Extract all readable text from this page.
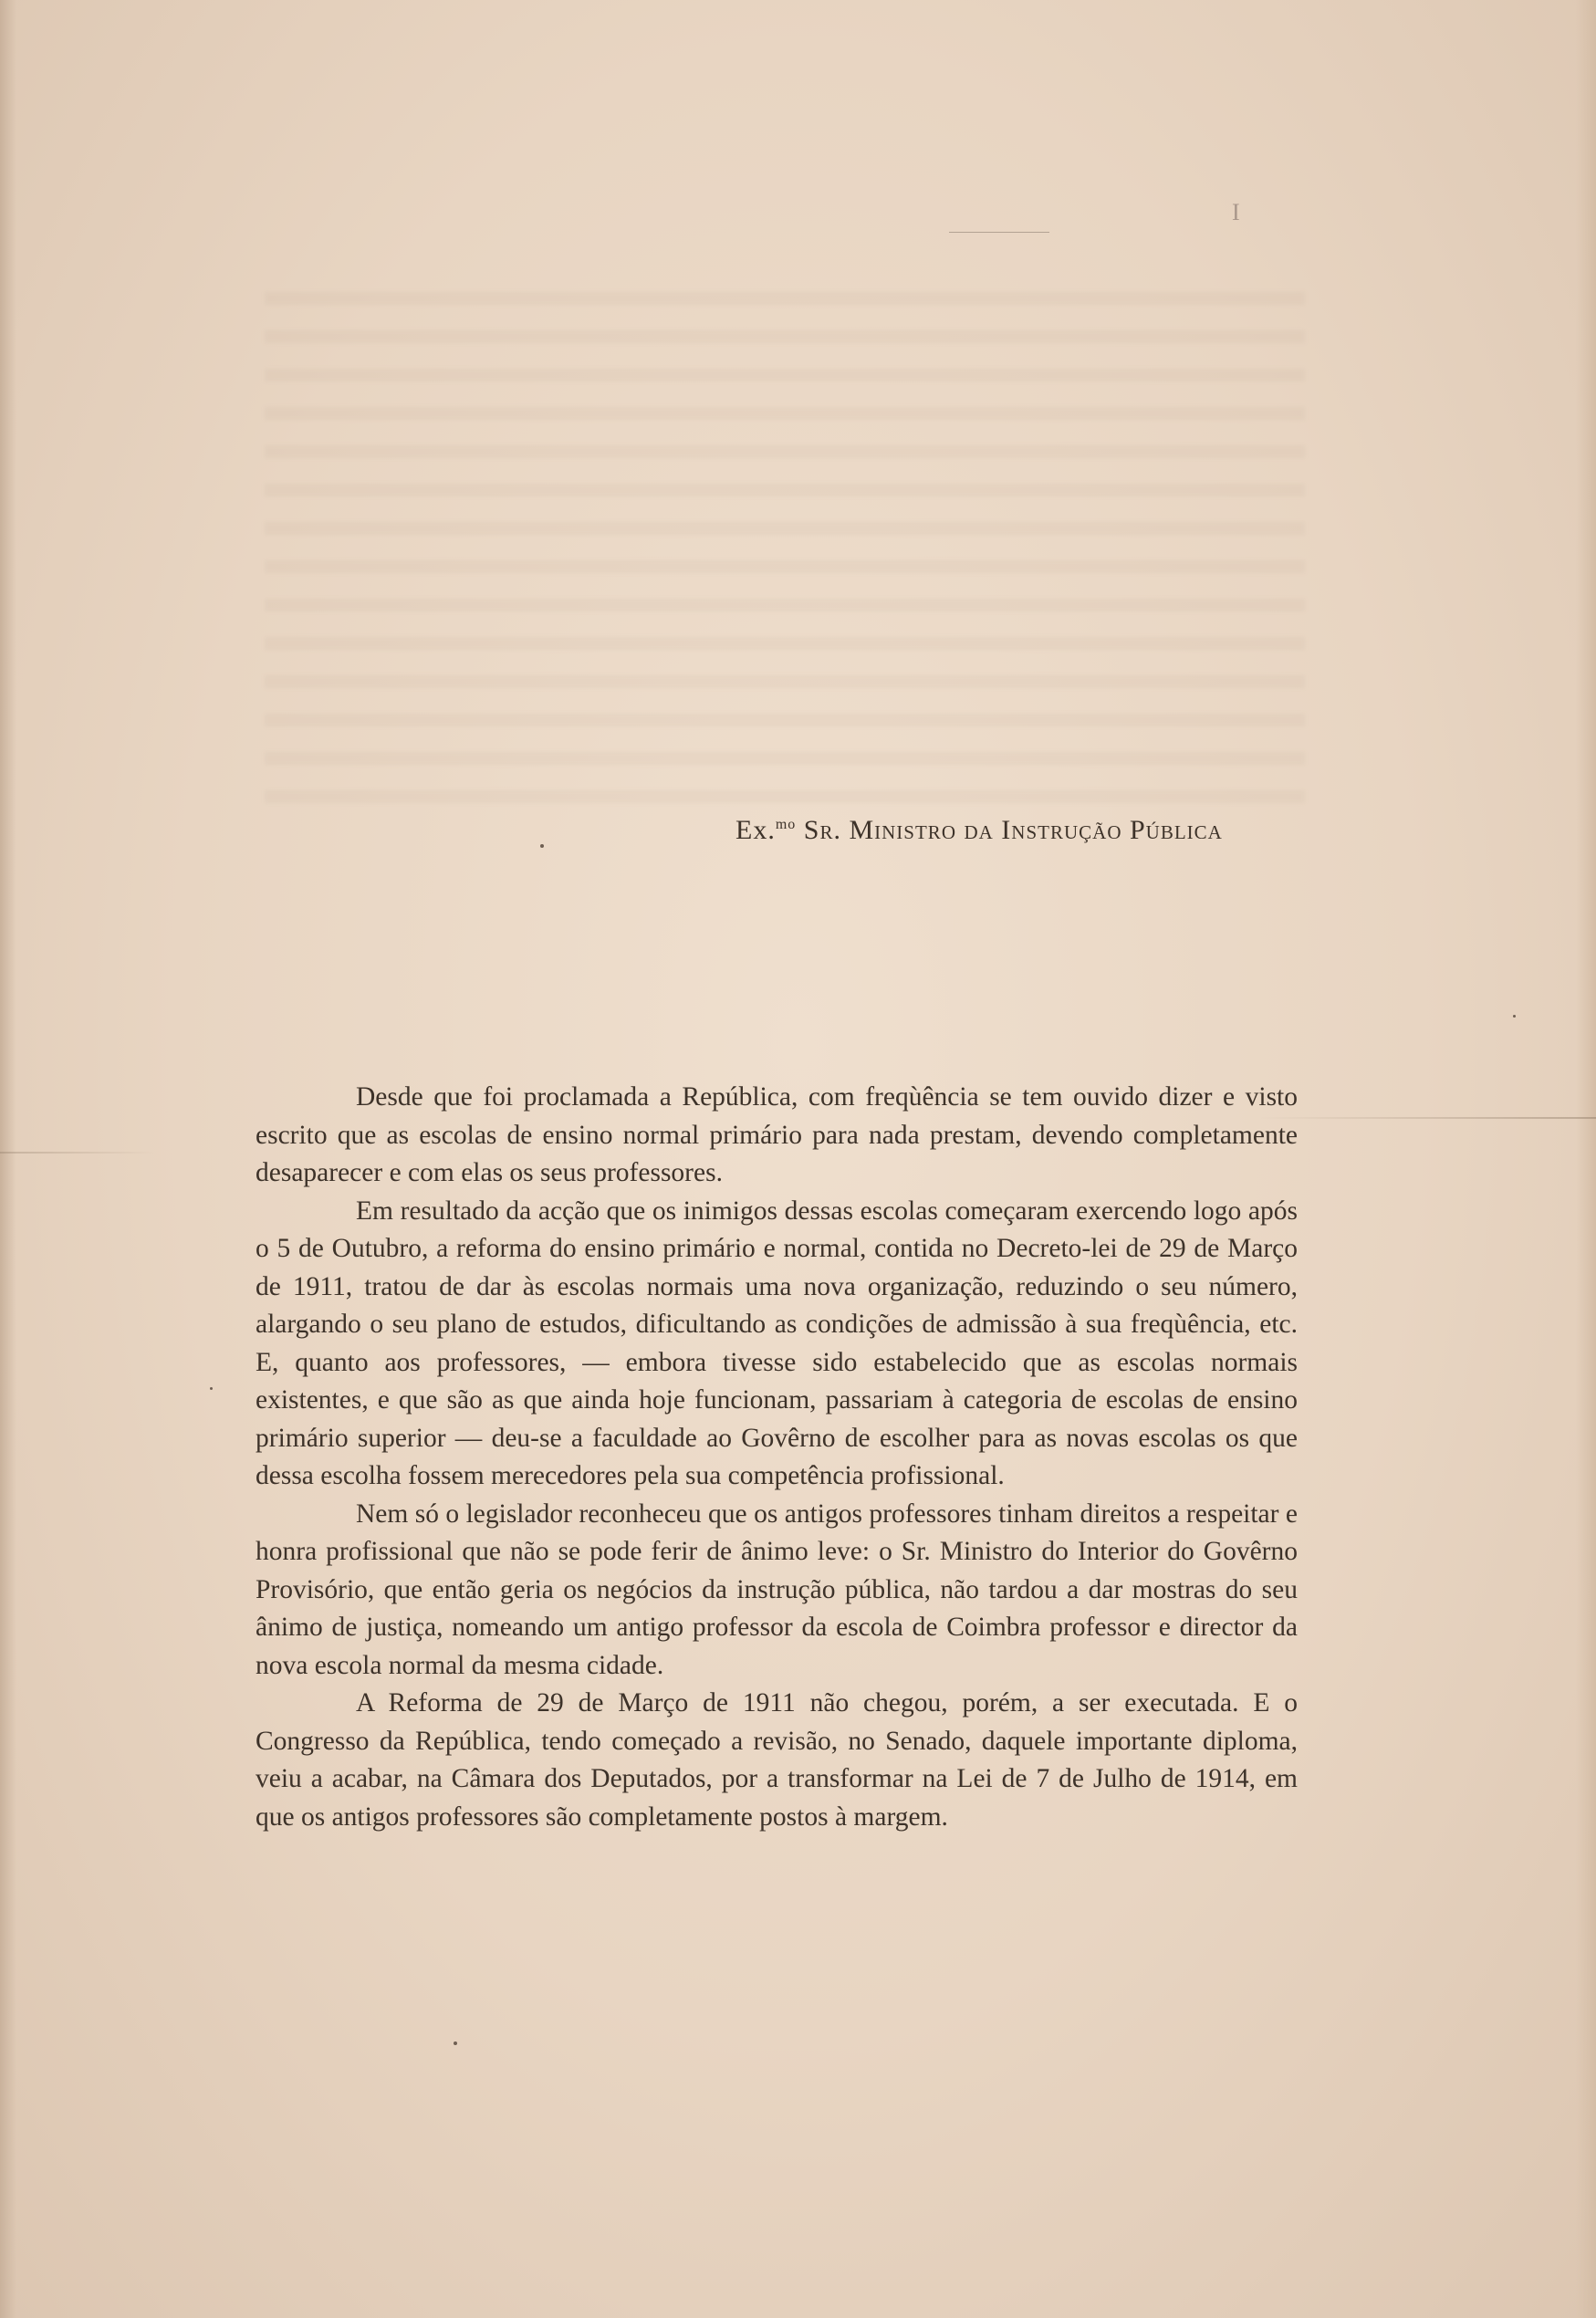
I
Ex.$^{mo}$ Sr. Ministro da Instrução Pública

Desde que foi proclamada a República, com freqùência se tem ouvido dizer e visto escrito que as escolas de ensino normal primário para nada prestam, devendo completamente desaparecer e com elas os seus professores.

Em resultado da acção que os inimigos dessas escolas começaram exercendo logo após o 5 de Outubro, a reforma do ensino primário e normal, contida no Decreto-lei de 29 de Março de 1911, tratou de dar às escolas normais uma nova organização, reduzindo o seu número, alargando o seu plano de estudos, dificultando as condições de admissão à sua freqùência, etc. E, quanto aos professores, — embora tivesse sido estabelecido que as escolas normais existentes, e que são as que ainda hoje funcionam, passariam à categoria de escolas de ensino primário superior — deu-se a faculdade ao Govêrno de escolher para as novas escolas os que dessa escolha fossem merecedores pela sua competência profissional.

Nem só o legislador reconheceu que os antigos professores tinham direitos a respeitar e honra profissional que não se pode ferir de ânimo leve: o Sr. Ministro do Interior do Govêrno Provisório, que então geria os negócios da instrução pública, não tardou a dar mostras do seu ânimo de justiça, nomeando um antigo professor da escola de Coimbra professor e director da nova escola normal da mesma cidade.

A Reforma de 29 de Março de 1911 não chegou, porém, a ser executada. E o Congresso da República, tendo começado a revisão, no Senado, daquele importante diploma, veiu a acabar, na Câmara dos Deputados, por a transformar na Lei de 7 de Julho de 1914, em que os antigos professores são completamente postos à margem.
